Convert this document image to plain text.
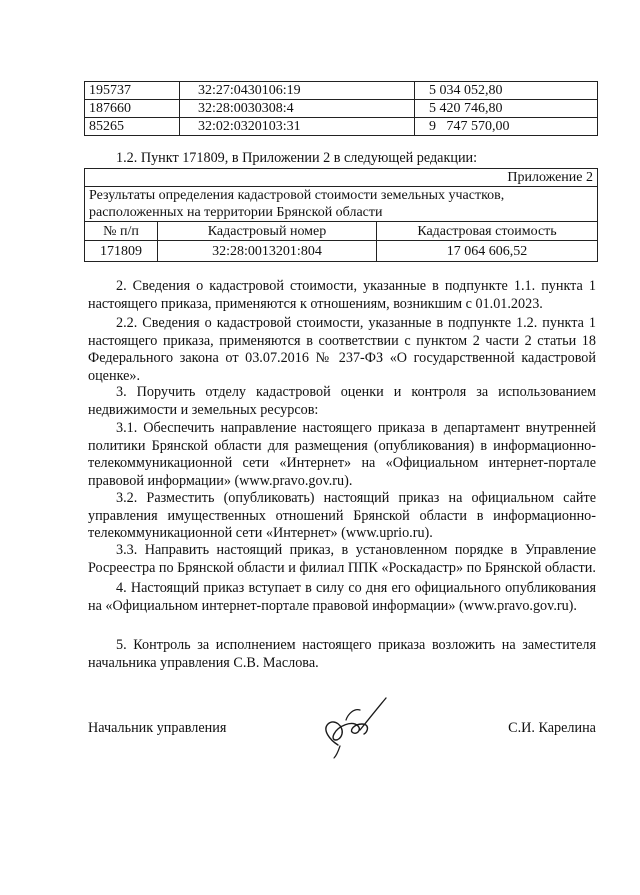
195737	32:27:0430106:19	5 034 052,80
187660	32:28:0030308:4	5 420 746,80
85265	32:02:0320103:31	9   747 570,00
1.2. Пункт 171809, в Приложении 2 в следующей редакции:
Приложение 2		
Результаты определения кадастровой стоимости земельных участков, расположенных на территории Брянской области		
№ п/п	Кадастровый номер	Кадастровая стоимость
171809	32:28:0013201:804	17 064 606,52
2. Сведения о кадастровой стоимости, указанные в подпункте 1.1. пункта 1 настоящего приказа, применяются к отношениям, возникшим с 01.01.2023.
2.2. Сведения о кадастровой стоимости, указанные в подпункте 1.2. пункта 1 настоящего приказа, применяются в соответствии с пунктом 2 части 2 статьи 18 Федерального закона от 03.07.2016 № 237-ФЗ «О государственной кадастровой оценке».
3. Поручить отделу кадастровой оценки и контроля за использованием недвижимости и земельных ресурсов:
3.1. Обеспечить направление настоящего приказа в департамент внутренней политики Брянской области для размещения (опубликования) в информационно-телекоммуникационной сети «Интернет» на «Официальном интернет-портале правовой информации» (www.pravo.gov.ru).
3.2. Разместить (опубликовать) настоящий приказ на официальном сайте управления имущественных отношений Брянской области в информационно-телекоммуникационной сети «Интернет» (www.uprio.ru).
3.3. Направить настоящий приказ, в установленном порядке в Управление Росреестра по Брянской области и филиал ППК «Роскадастр» по Брянской области.
4. Настоящий приказ вступает в силу со дня его официального опубликования на «Официальном интернет-портале правовой информации» (www.pravo.gov.ru).
5. Контроль за исполнением настоящего приказа возложить на заместителя начальника управления С.В. Маслова.
Начальник управления	С.И. Карелина
